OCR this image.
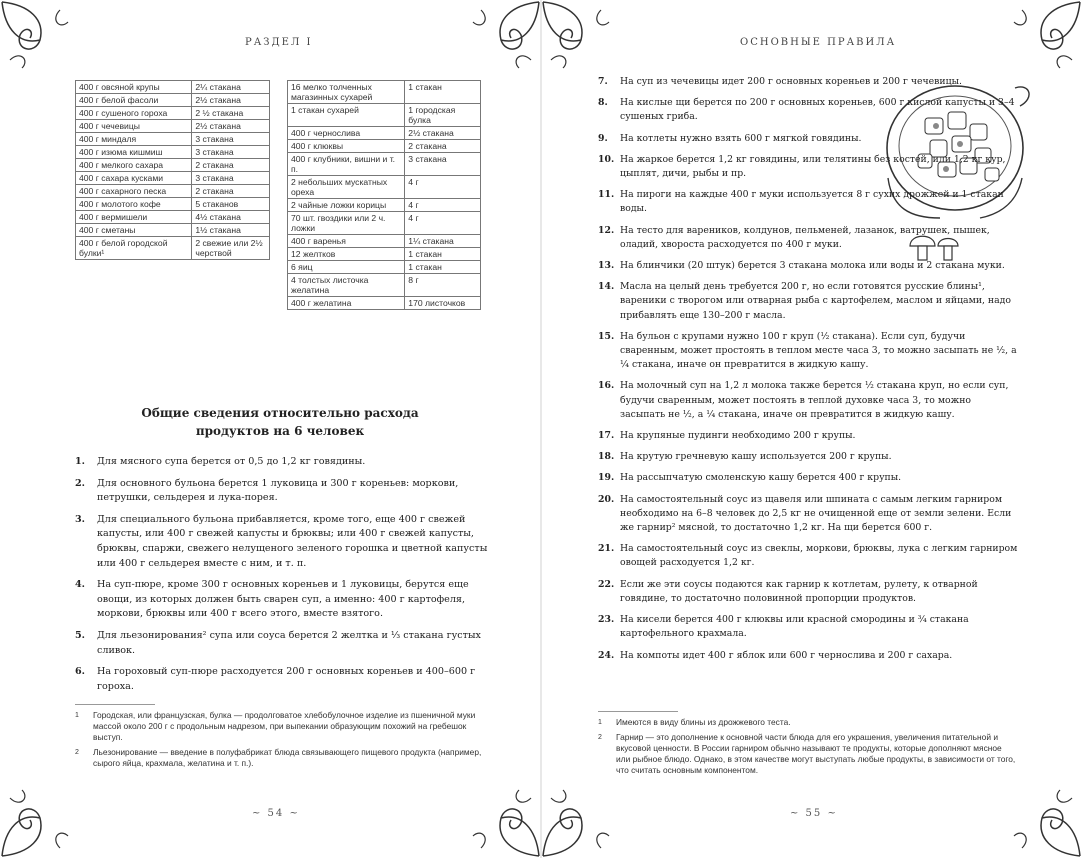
РАЗДЕЛ I
400 г овсяной крупы	2¼ стакана
400 г белой фасоли	2½ стакана
400 г сушеного гороха	2 ½ стакана
400 г чечевицы	2½ стакана
400 г миндаля	3 стакана
400 г изюма кишмиш	3 стакана
400 г мелкого сахара	2 стакана
400 г сахара кусками	3 стакана
400 г сахарного песка	2 стакана
400 г молотого кофе	5 стаканов
400 г вермишели	4½ стакана
400 г сметаны	1½ стакана
400 г белой городской булки¹	2 свежие или 2½ черствой
16 мелко толченных магазинных сухарей	1 стакан
1 стакан сухарей	1 городская булка
400 г чернослива	2½ стакана
400 г клюквы	2 стакана
400 г клубники, вишни и т. п.	3 стакана
2 небольших мускатных ореха	4 г
2 чайные ложки корицы	4 г
70 шт. гвоздики или 2 ч. ложки	4 г
400 г варенья	1¼ стакана
12 желтков	1 стакан
6 яиц	1 стакан
4 толстых листочка желатина	8 г
400 г желатина	170 листочков
Общие сведения относительно расхода продуктов на 6 человек
1.	Для мясного супа берется от 0,5 до 1,2 кг говядины.
2.	Для основного бульона берется 1 луковица и 300 г кореньев: моркови, петрушки, сельдерея и лука-порея.
3.	Для специального бульона прибавляется, кроме того, еще 400 г свежей капусты, или 400 г свежей капусты и брюквы; или 400 г свежей капусты, брюквы, спаржи, свежего нелущеного зеленого горошка и цветной капусты или 400 г сельдерея вместе с ним, и т. п.
4.	На суп-пюре, кроме 300 г основных кореньев и 1 луковицы, берутся еще овощи, из которых должен быть сварен суп, а именно: 400 г картофеля, моркови, брюквы или 400 г всего этого, вместе взятого.
5.	Для льезонирования² супа или соуса берется 2 желтка и ⅓ стакана густых сливок.
6.	На гороховый суп-пюре расходуется 200 г основных кореньев и 400–600 г гороха.
1	Городская, или французская, булка — продолговатое хлебобулочное изделие из пшеничной муки массой около 200 г с продольным надрезом, при выпекании образующим похожий на гребешок выступ.
2	Льезонирование — введение в полуфабрикат блюда связывающего пищевого продукта (например, сырого яйца, крахмала, желатина и т. п.).
~ 54 ~
ОСНОВНЫЕ ПРАВИЛА
7.	На суп из чечевицы идет 200 г основных кореньев и 200 г чечевицы.
8.	На кислые щи берется по 200 г основных кореньев, 600 г кислой капусты и 3–4 сушеных гриба.
9.	На котлеты нужно взять 600 г мягкой говядины.
10. На жаркое берется 1,2 кг говядины, или телятины без костей, или 1,2 кг кур, цыплят, дичи, рыбы и пр.
11. На пироги на каждые 400 г муки используется 8 г сухих дрожжей и 1 стакан воды.
12. На тесто для вареников, колдунов, пельменей, лазанок, ватрушек, пышек, оладий, хвороста расходуется по 400 г муки.
13. На блинчики (20 штук) берется 3 стакана молока или воды и 2 стакана муки.
14. Масла на целый день требуется 200 г, но если готовятся русские блины¹, вареники с творогом или отварная рыба с картофелем, маслом и яйцами, надо прибавлять еще 130–200 г масла.
15. На бульон с крупами нужно 100 г круп (½ стакана). Если суп, будучи сваренным, может простоять в теплом месте часа 3, то можно засыпать не ½, а ¼ стакана, иначе он превратится в жидкую кашу.
16. На молочный суп на 1,2 л молока также берется ½ стакана круп, но если суп, будучи сваренным, может постоять в теплой духовке часа 3, то можно засыпать не ½, а ¼ стакана, иначе он превратится в жидкую кашу.
17. На крупяные пудинги необходимо 200 г крупы.
18. На крутую гречневую кашу используется 200 г крупы.
19. На рассыпчатую смоленскую кашу берется 400 г крупы.
20. На самостоятельный соус из щавеля или шпината с самым легким гарниром необходимо на 6–8 человек до 2,5 кг не очищенной еще от земли зелени. Если же гарнир² мясной, то достаточно 1,2 кг. На щи берется 600 г.
21. На самостоятельный соус из свеклы, моркови, брюквы, лука с легким гарниром овощей расходуется 1,2 кг.
22. Если же эти соусы подаются как гарнир к котлетам, рулету, к отварной говядине, то достаточно половинной пропорции продуктов.
23. На кисели берется 400 г клюквы или красной смородины и ¾ стакана картофельного крахмала.
24. На компоты идет 400 г яблок или 600 г чернослива и 200 г сахара.
1	Имеются в виду блины из дрожжевого теста.
2	Гарнир — это дополнение к основной части блюда для его украшения, увеличения питательной и вкусовой ценности. В России гарниром обычно называют те продукты, которые дополняют мясное или рыбное блюдо. Однако, в этом качестве могут выступать любые продукты, в зависимости от того, что считать основным компонентом.
~ 55 ~
